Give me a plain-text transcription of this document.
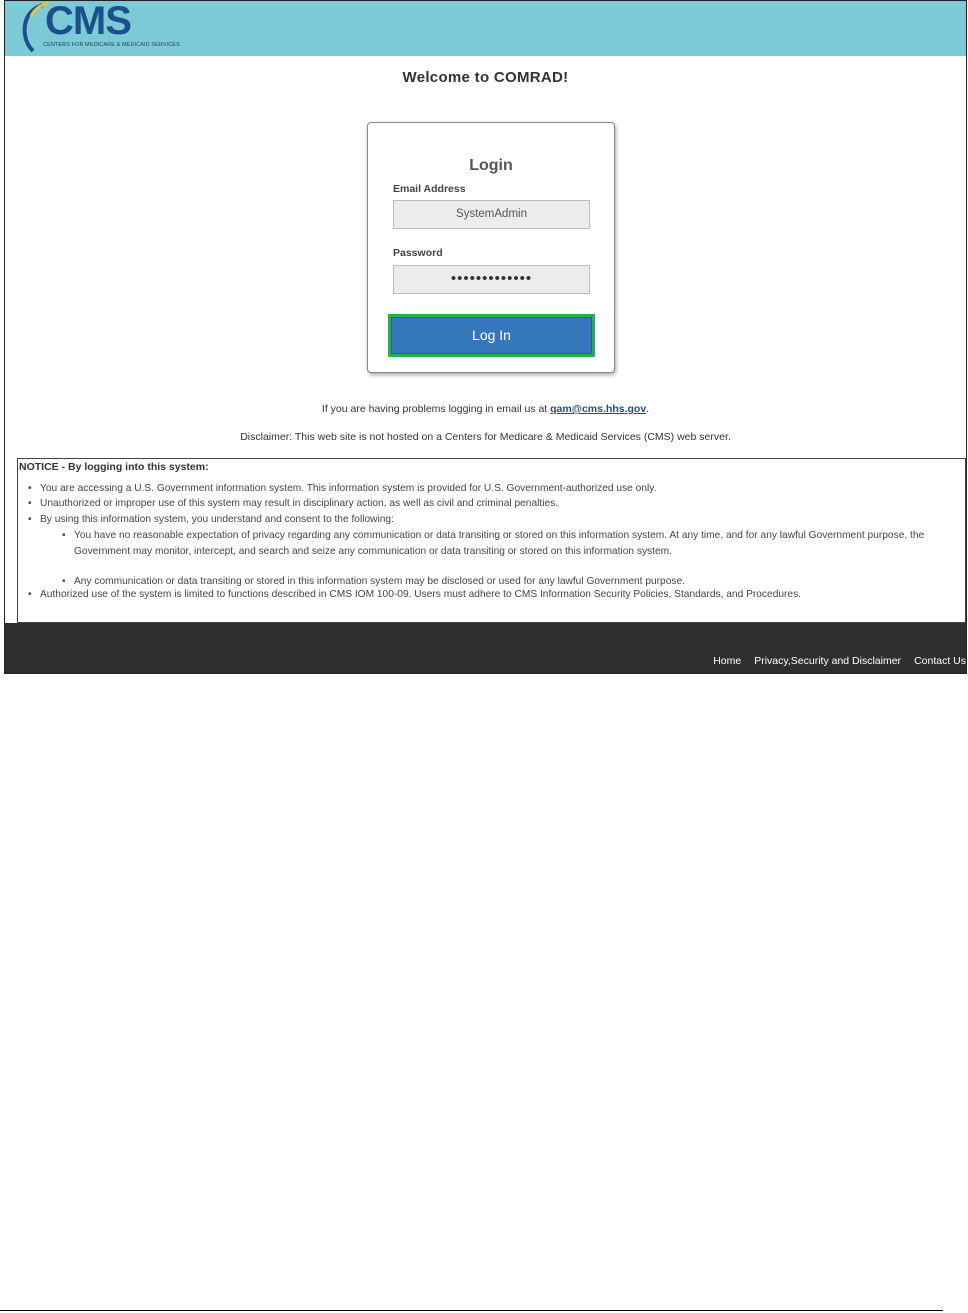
CMS
CENTERS FOR MEDICARE & MEDICAID SERVICES
Welcome to COMRAD!
Login
Email Address
SystemAdmin
Password
•••••••••••••
Log In
If you are having problems logging in email us at qam@cms.hhs.gov.
Disclaimer: This web site is not hosted on a Centers for Medicare & Medicaid Services (CMS) web server.
NOTICE - By logging into this system:
• You are accessing a U.S. Government information system. This information system is provided for U.S. Government-authorized use only.
• Unauthorized or improper use of this system may result in disciplinary action, as well as civil and criminal penalties.
• By using this information system, you understand and consent to the following:
• You have no reasonable expectation of privacy regarding any communication or data transiting or stored on this information system. At any time, and for any lawful Government purpose, the Government may monitor, intercept, and search and seize any communication or data transiting or stored on this information system.
• Any communication or data transiting or stored in this information system may be disclosed or used for any lawful Government purpose.
• Authorized use of the system is limited to functions described in CMS IOM 100-09. Users must adhere to CMS Information Security Policies, Standards, and Procedures.
Home Privacy,Security and Disclaimer Contact Us
